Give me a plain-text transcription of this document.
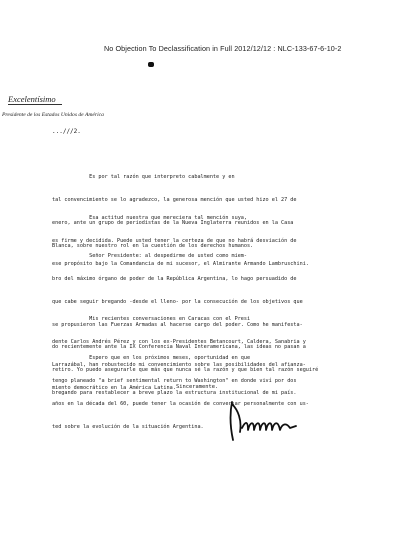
No Objection To Declassification in Full 2012/12/12 : NLC-133-67-6-10-2
Excelentísimo
Presidente de los Estados Unidos de América
...///2.

Es por tal razón que interpreto cabalmente y en

tal convencimiento se lo agradezco, la generosa mención que usted hizo el 27 de

enero, ante un grupo de periodistas de la Nueva Inglaterra reunidos en la Casa

Blanca, sobre nuestro rol en la cuestión de los derechos humanos.

Esa actitud nuestra que mereciera tal mención suya,

es firme y decidida. Puede usted tener la certeza de que no habrá desviación de

ese propósito bajo la Comandancia de mi sucesor, el Almirante Armando Lambruschini.

Señor Presidente: al despedirme de usted como miem-

bro del máximo órgano de poder de la República Argentina, lo hago persuadido de

que cabe seguir bregando -desde el lleno- por la consecución de los objetivos que

se propusieron las Fuerzas Armadas al hacerse cargo del poder. Como he manifesta-

do recientemente ante la IX Conferencia Naval Interamericana, las ideas no pasan a

retiro. Yo puedo asegurarle que más que nunca sé la razón y que bien tal razón seguiré

bregando para restablecer a breve plazo la estructura institucional de mi país.

Mis recientes conversaciones en Caracas con el Presi

dente Carlos Andrés Pérez y con los ex-Presidentes Betancourt, Caldera, Sanabria y

Larrazábal, han robustecido mi convencimiento sobre las posibilidades del afianza-

miento democrático en la América Latina.

Espero que en los próximos meses, oportunidad en que

tengo planeado "a brief sentimental return to Washington" en donde viví por dos

años en la década del 60, puede tener la ocasión de conversar personalmente con us-

ted sobre la evolución de la situación Argentina.

Sinceramente.
